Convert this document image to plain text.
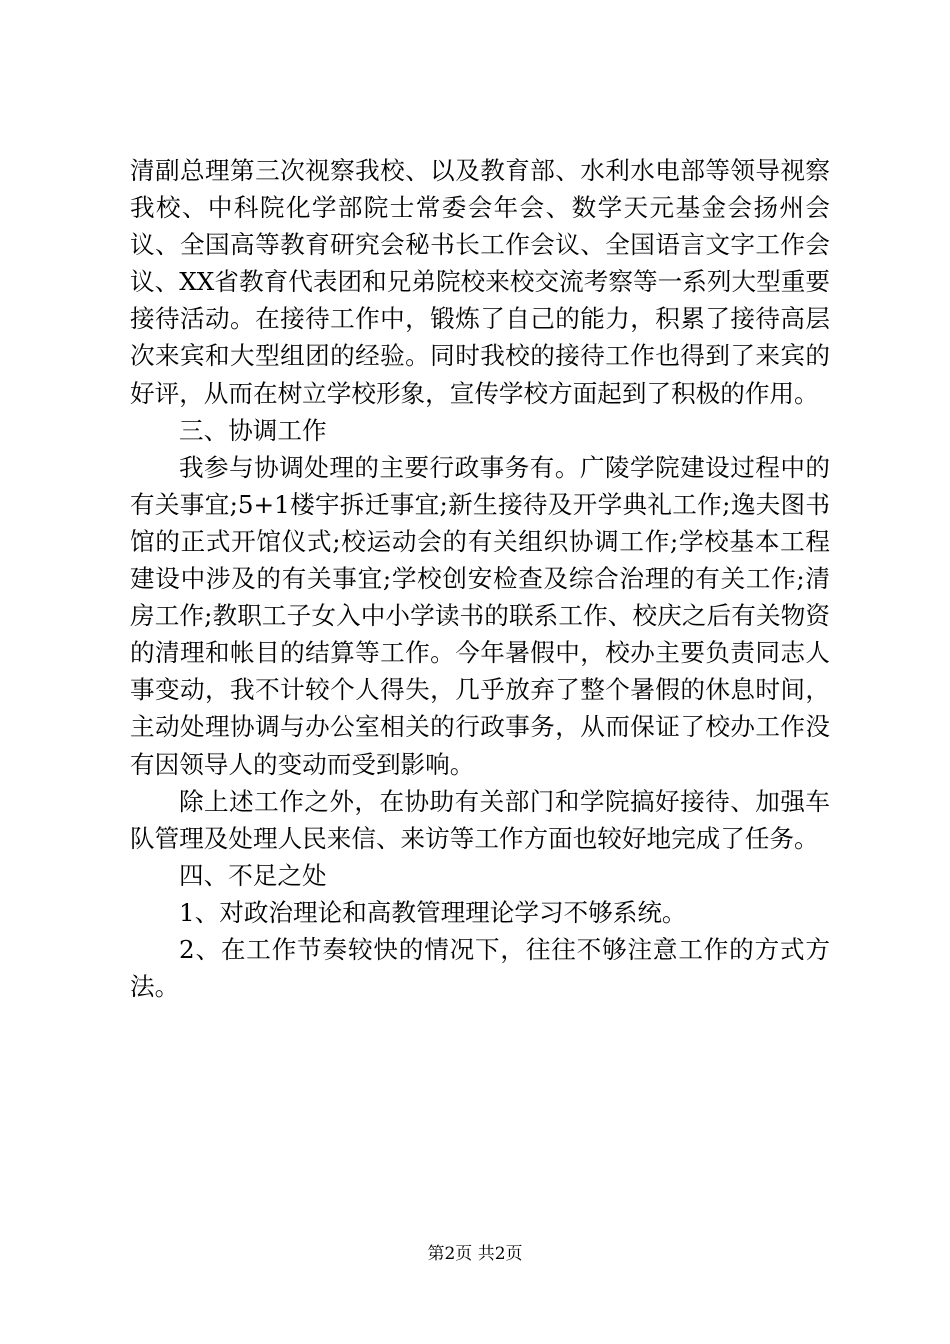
清副总理第三次视察我校、以及教育部、水利水电部等领导视察我校、中科院化学部院士常委会年会、数学天元基金会扬州会议、全国高等教育研究会秘书长工作会议、全国语言文字工作会议、XX省教育代表团和兄弟院校来校交流考察等一系列大型重要接待活动。在接待工作中，锻炼了自己的能力，积累了接待高层次来宾和大型组团的经验。同时我校的接待工作也得到了来宾的好评，从而在树立学校形象，宣传学校方面起到了积极的作用。

三、协调工作

我参与协调处理的主要行政事务有。广陵学院建设过程中的有关事宜;5+1楼宇拆迁事宜;新生接待及开学典礼工作;逸夫图书馆的正式开馆仪式;校运动会的有关组织协调工作;学校基本工程建设中涉及的有关事宜;学校创安检查及综合治理的有关工作;清房工作;教职工子女入中小学读书的联系工作、校庆之后有关物资的清理和帐目的结算等工作。今年暑假中，校办主要负责同志人事变动，我不计较个人得失，几乎放弃了整个暑假的休息时间，主动处理协调与办公室相关的行政事务，从而保证了校办工作没有因领导人的变动而受到影响。

除上述工作之外，在协助有关部门和学院搞好接待、加强车队管理及处理人民来信、来访等工作方面也较好地完成了任务。

四、不足之处

1、对政治理论和高教管理理论学习不够系统。

2、在工作节奏较快的情况下，往往不够注意工作的方式方法。

第2页 共2页
